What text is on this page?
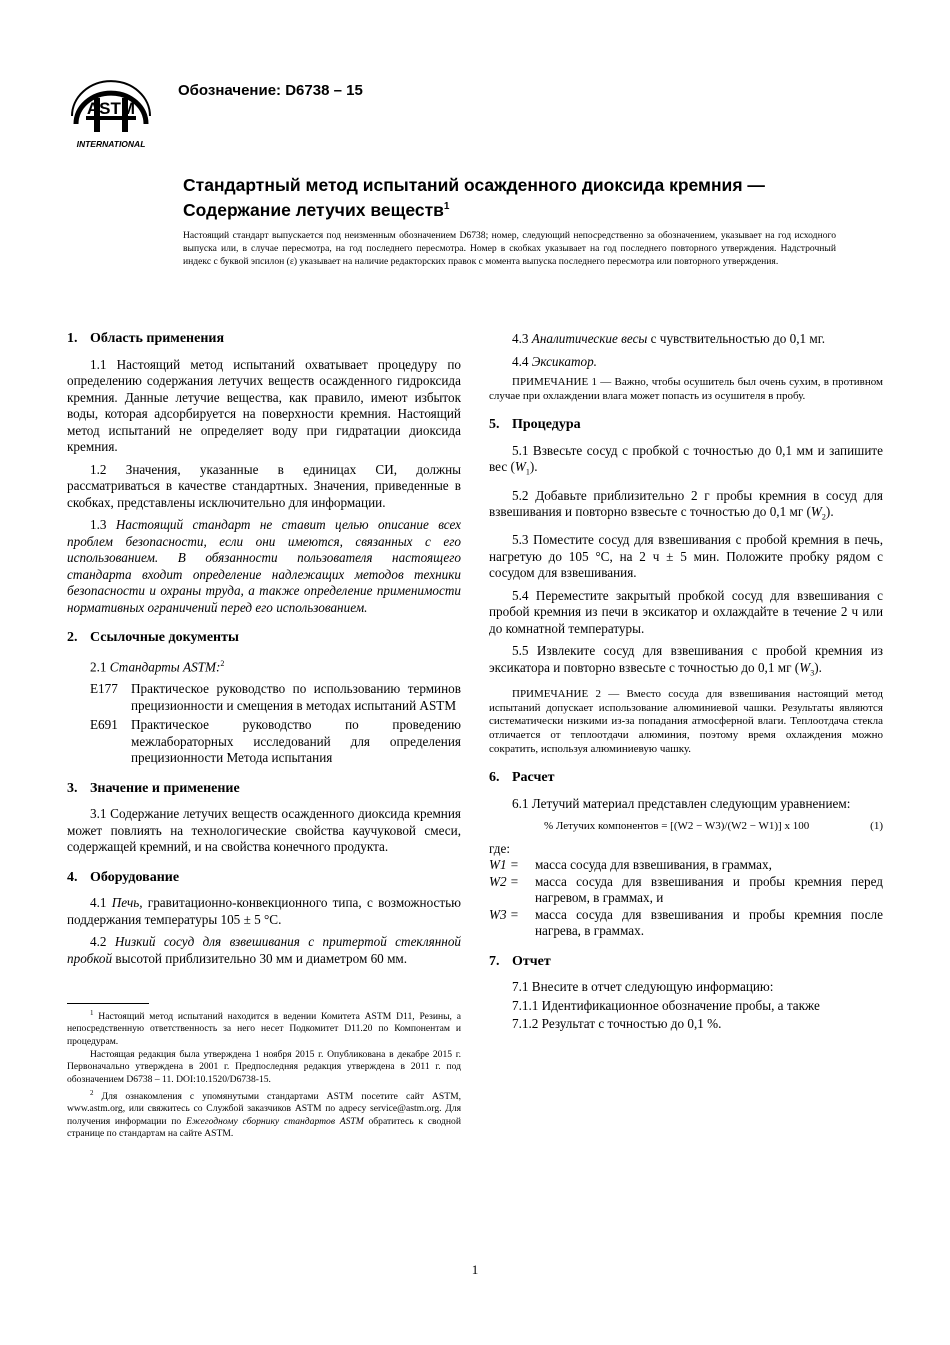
ASTM
INTERNATIONAL
Обозначение: D6738 – 15
Стандартный метод испытаний осажденного диоксида кремния —
Содержание летучих веществ$^1$
Настоящий стандарт выпускается под неизменным обозначением D6738; номер, следующий непосредственно за обозначением, указывает на год исходного выпуска или, в случае пересмотра, на год последнего пересмотра. Номер в скобках указывает на год последнего повторного утверждения. Надстрочный индекс с буквой эпсилон (ε) указывает на наличие редакторских правок с момента выпуска последнего пересмотра или повторного утверждения.
1. Область применения

1.1 Настоящий метод испытаний охватывает процедуру по определению содержания летучих веществ осажденного гидроксида кремния. Данные летучие вещества, как правило, имеют избыток воды, которая адсорбируется на поверхности кремния. Настоящий метод испытаний не определяет воду при гидратации диоксида кремния.

1.2 Значения, указанные в единицах СИ, должны рассматриваться в качестве стандартных. Значения, приведенные в скобках, представлены исключительно для информации.

1.3 Настоящий стандарт не ставит целью описание всех проблем безопасности, если они имеются, связанных с его использованием. В обязанности пользователя настоящего стандарта входит определение надлежащих методов техники безопасности и охраны труда, а также определение применимости нормативных ограничений перед его использованием.

2. Ссылочные документы

2.1 Стандарты ASTM:$^2$

E177 Практическое руководство по использованию терминов прецизионности и смещения в методах испытаний ASTM
E691 Практическое руководство по проведению межлабораторных исследований для определения прецизионности Метода испытания
3. Значение и применение

3.1 Содержание летучих веществ осажденного диоксида кремния может повлиять на технологические свойства каучуковой смеси, содержащей кремний, и на свойства конечного продукта.

4. Оборудование

4.1 Печь, гравитационно-конвекционного типа, с возможностью поддержания температуры 105 ± 5 °C.

4.2 Низкий сосуд для взвешивания с притертой стеклянной пробкой высотой приблизительно 30 мм и диаметром 60 мм.

$^1$ Настоящий метод испытаний находится в ведении Комитета ASTM D11, Резины, а непосредственную ответственность за него несет Подкомитет D11.20 по Компонентам и процедурам.

Настоящая редакция была утверждена 1 ноября 2015 г. Опубликована в декабре 2015 г. Первоначально утверждена в 2001 г. Предпоследняя редакция утверждена в 2011 г. под обозначением D6738 – 11. DOI:10.1520/D6738-15.

$^2$ Для ознакомления с упомянутыми стандартами ASTM посетите сайт ASTM, www.astm.org, или свяжитесь со Службой заказчиков ASTM по адресу service@astm.org. Для получения информации по Ежегодному сборнику стандартов ASTM обратитесь к сводной странице по стандартам на сайте ASTM.

4.3 Аналитические весы с чувствительностью до 0,1 мг.

4.4 Эксикатор.

ПРИМЕЧАНИЕ 1 — Важно, чтобы осушитель был очень сухим, в противном случае при охлаждении влага может попасть из осушителя в пробу.

5. Процедура

5.1 Взвесьте сосуд с пробкой с точностью до 0,1 мм и запишите вес $(W_1)$.

5.2 Добавьте приблизительно 2 г пробы кремния в сосуд для взвешивания и повторно взвесьте с точностью до 0,1 мг $(W_2)$.

5.3 Поместите сосуд для взвешивания с пробой кремния в печь, нагретую до 105 °C, на 2 ч ± 5 мин. Положите пробку рядом с сосудом для взвешивания.

5.4 Переместите закрытый пробкой сосуд для взвешивания с пробой кремния из печи в эксикатор и охлаждайте в течение 2 ч или до комнатной температуры.

5.5 Извлеките сосуд для взвешивания с пробой кремния из эксикатора и повторно взвесьте с точностью до 0,1 мг $(W_3)$.

ПРИМЕЧАНИЕ 2 — Вместо сосуда для взвешивания настоящий метод испытаний допускает использование алюминиевой чашки. Результаты являются систематически низкими из-за попадания атмосферной влаги. Теплоотдача стекла отличается от теплоотдачи алюминия, поэтому время охлаждения можно сократить, используя алюминиевую чашку.

6. Расчет

6.1 Летучий материал представлен следующим уравнением:

% Летучих компонентов = [(W2 − W3)/(W2 − W1)] x 100	(1)
где:
W1 =	масса сосуда для взвешивания, в граммах,
W2 =	масса сосуда для взвешивания и пробы кремния перед нагревом, в граммах, и
W3 =	масса сосуда для взвешивания и пробы кремния после нагрева, в граммах.
7. Отчет

7.1 Внесите в отчет следующую информацию:

7.1.1 Идентификационное обозначение пробы, а также

7.1.2 Результат с точностью до 0,1 %.

1
